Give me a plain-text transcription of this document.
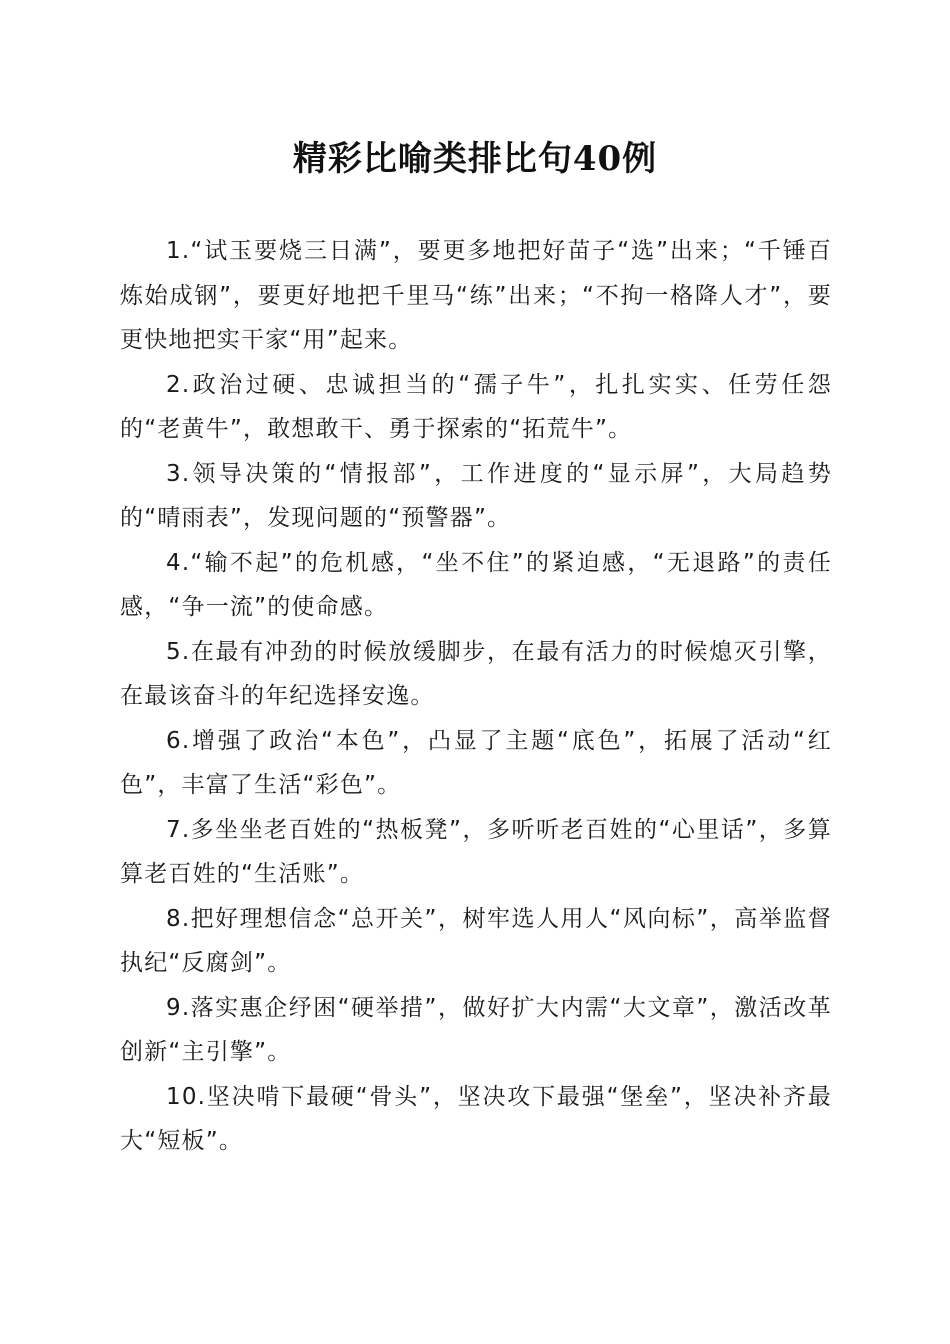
精彩比喻类排比句40例

1.“试玉要烧三日满”，要更多地把好苗子“选”出来；“千锤百炼始成钢”，要更好地把千里马“练”出来；“不拘一格降人才”，要更快地把实干家“用”起来。

2.政治过硬、忠诚担当的“孺子牛”，扎扎实实、任劳任怨的“老黄牛”，敢想敢干、勇于探索的“拓荒牛”。

3.领导决策的“情报部”，工作进度的“显示屏”，大局趋势的“晴雨表”，发现问题的“预警器”。

4.“输不起”的危机感，“坐不住”的紧迫感，“无退路”的责任感，“争一流”的使命感。

5.在最有冲劲的时候放缓脚步，在最有活力的时候熄灭引擎，在最该奋斗的年纪选择安逸。

6.增强了政治“本色”，凸显了主题“底色”，拓展了活动“红色”，丰富了生活“彩色”。

7.多坐坐老百姓的“热板凳”，多听听老百姓的“心里话”，多算算老百姓的“生活账”。

8.把好理想信念“总开关”，树牢选人用人“风向标”，高举监督执纪“反腐剑”。

9.落实惠企纾困“硬举措”，做好扩大内需“大文章”，激活改革创新“主引擎”。

10.坚决啃下最硬“骨头”，坚决攻下最强“堡垒”，坚决补齐最大“短板”。
